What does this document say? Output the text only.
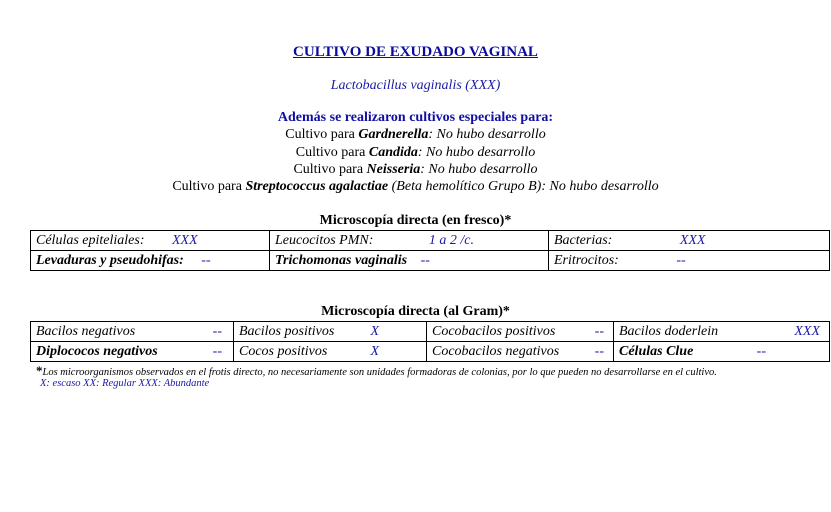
CULTIVO DE EXUDADO VAGINAL
Lactobacillus vaginalis (XXX)
Además se realizaron cultivos especiales para:
Cultivo para Gardnerella: No hubo desarrollo
Cultivo para Candida: No hubo desarrollo
Cultivo para Neisseria: No hubo desarrollo
Cultivo para Streptococcus agalactiae (Beta hemolítico Grupo B): No hubo desarrollo
Microscopía directa (en fresco)*
Células epiteliales: XXX	Leucocitos PMN: 1 a 2 /c.	Bacterias: XXX
Levaduras y pseudohifas: --	Trichomonas vaginalis --	Eritrocitos: --
Microscopía directa (al Gram)*
Bacilos negativos --	Bacilos positivos X	Cocobacilos positivos --	Bacilos doderlein XXX

Diplococos negativos --	Cocos positivos X	Cocobacilos negativos --	Células Clue --
*Los microorganismos observados en el frotis directo, no necesariamente son unidades formadoras de colonias, por lo que pueden no desarrollarse en el cultivo.
X: escaso XX: Regular XXX: Abundante
